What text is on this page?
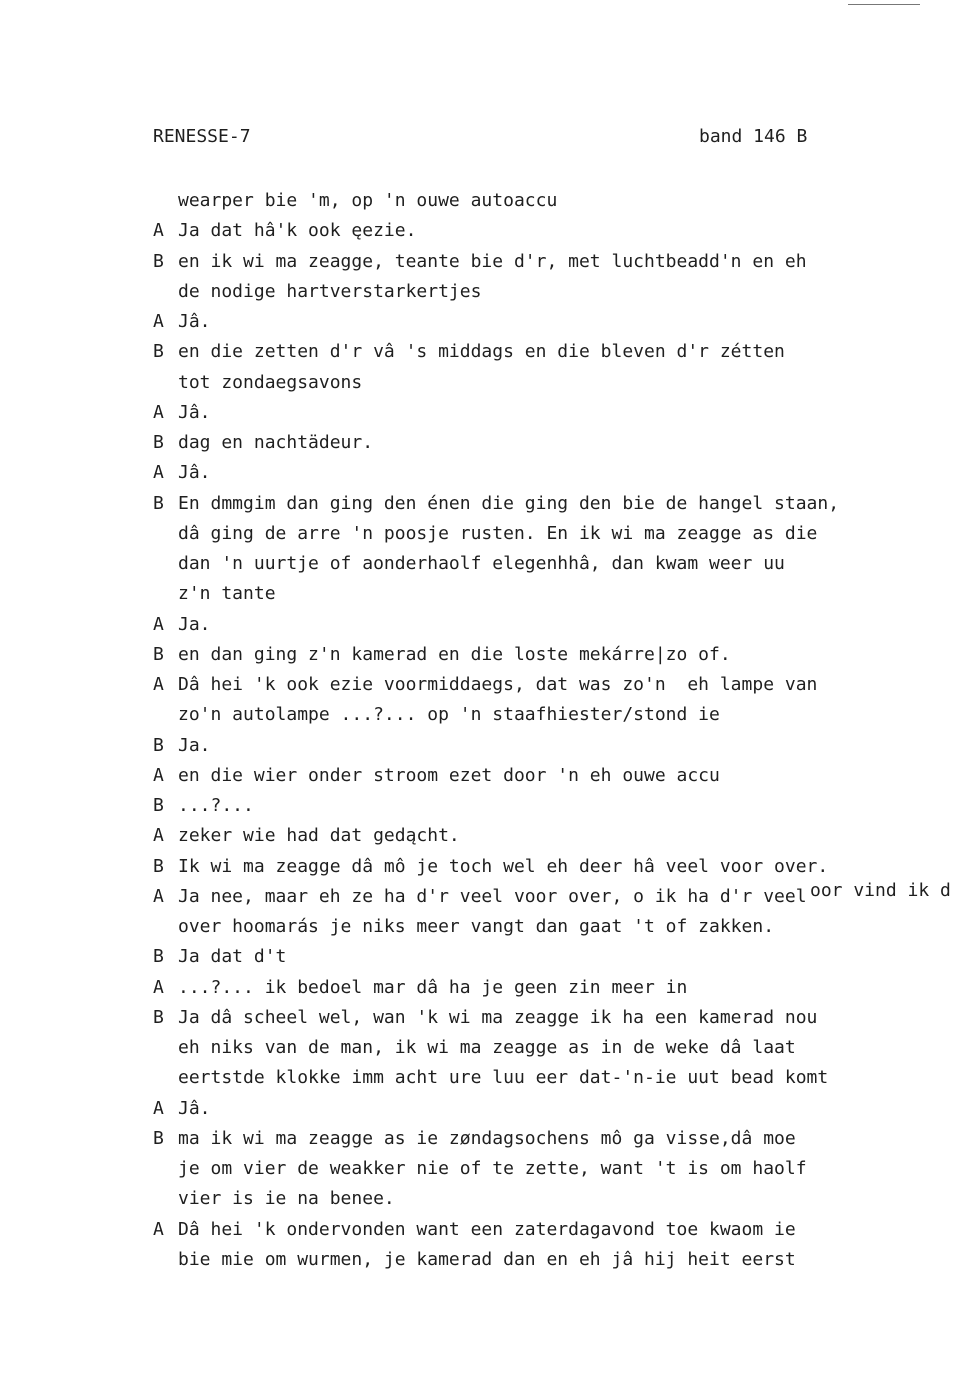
RENESSE-7	band 146 B
wearper bie 'm, op 'n ouwe autoaccu
A Ja dat hâ'k ook ęezie.
B en ik wi ma zeagge, teante bie d'r, met luchtbeadd'n en eh
de nodige hartverstarkertjes
A Jâ.
B en die zetten d'r vâ 's middags en die bleven d'r zétten
tot zondaegsavons
A Jâ.
B dag en nachtädeur.
A Jâ.
B En dmmgim dan ging den énen die ging den bie de hangel staan,
dâ ging de arre 'n poosje rusten. En ik wi ma zeagge as die
dan 'n uurtje of aonderhaolf elegenhhâ, dan kwam weer uu
z'n tante
A Ja.
B en dan ging z'n kamerad en die loste mekárre|zo of.
A Dâ hei 'k ook ezie voormiddaegs, dat was zo'n  eh lampe van
zo'n autolampe ...?... op 'n staafhiester/stond ie
B Ja.
A en die wier onder stroom ezet door 'n eh ouwe accu
B ...?...
A zeker wie had dat gedącht.
B Ik wi ma zeagge dâ mô je toch wel eh deer hâ veel voor over.
A Ja nee, maar eh ze ha d'r veel voor over, o ik ha d'r veel
over hoomarás je niks meer vangt dan gaat 't of zakken.
B Ja dat d't
A ...?... ik bedoel mar dâ ha je geen zin meer in
B Ja dâ scheel wel, wan 'k wi ma zeagge ik ha een kamerad nou
eh niks van de man, ik wi ma zeagge as in de weke dâ laat
eertstde klokke imm acht ure luu eer dat-'n-ie uut bead komt
A Jâ.
B ma ik wi ma zeagge as ie zøndagsochens mô ga visse,dâ moe
je om vier de weakker nie of te zette, want 't is om haolf
vier is ie na benee.
A Dâ hei 'k ondervonden want een zaterdagavond toe kwaom ie
bie mie om wurmen, je kamerad dan en eh jâ hij heit eerst
oor vind ik d
